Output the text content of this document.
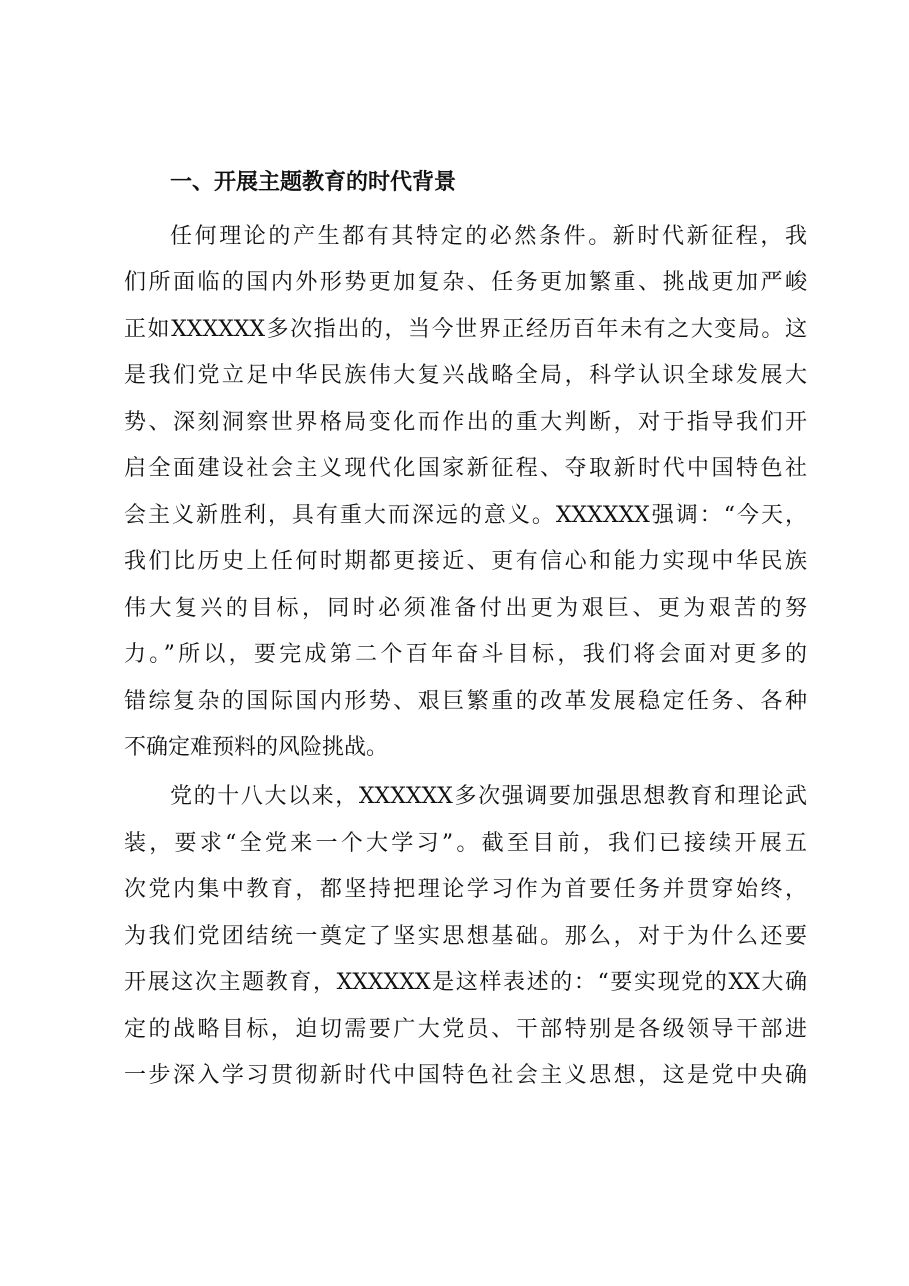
一、开展主题教育的时代背景
任何理论的产生都有其特定的必然条件。新时代新征程，我
们所面临的国内外形势更加复杂、任务更加繁重、挑战更加严峻
正如XXXXXX多次指出的，当今世界正经历百年未有之大变局。这
是我们党立足中华民族伟大复兴战略全局，科学认识全球发展大
势、深刻洞察世界格局变化而作出的重大判断，对于指导我们开
启全面建设社会主义现代化国家新征程、夺取新时代中国特色社
会主义新胜利，具有重大而深远的意义。XXXXXX强调：“今天，
我们比历史上任何时期都更接近、更有信心和能力实现中华民族
伟大复兴的目标，同时必须准备付出更为艰巨、更为艰苦的努
力。”所以，要完成第二个百年奋斗目标，我们将会面对更多的
错综复杂的国际国内形势、艰巨繁重的改革发展稳定任务、各种
不确定难预料的风险挑战。
党的十八大以来，XXXXXX多次强调要加强思想教育和理论武
装，要求“全党来一个大学习”。截至目前，我们已接续开展五
次党内集中教育，都坚持把理论学习作为首要任务并贯穿始终，
为我们党团结统一奠定了坚实思想基础。那么，对于为什么还要
开展这次主题教育，XXXXXX是这样表述的：“要实现党的XX大确
定的战略目标，迫切需要广大党员、干部特别是各级领导干部进
一步深入学习贯彻新时代中国特色社会主义思想，这是党中央确
